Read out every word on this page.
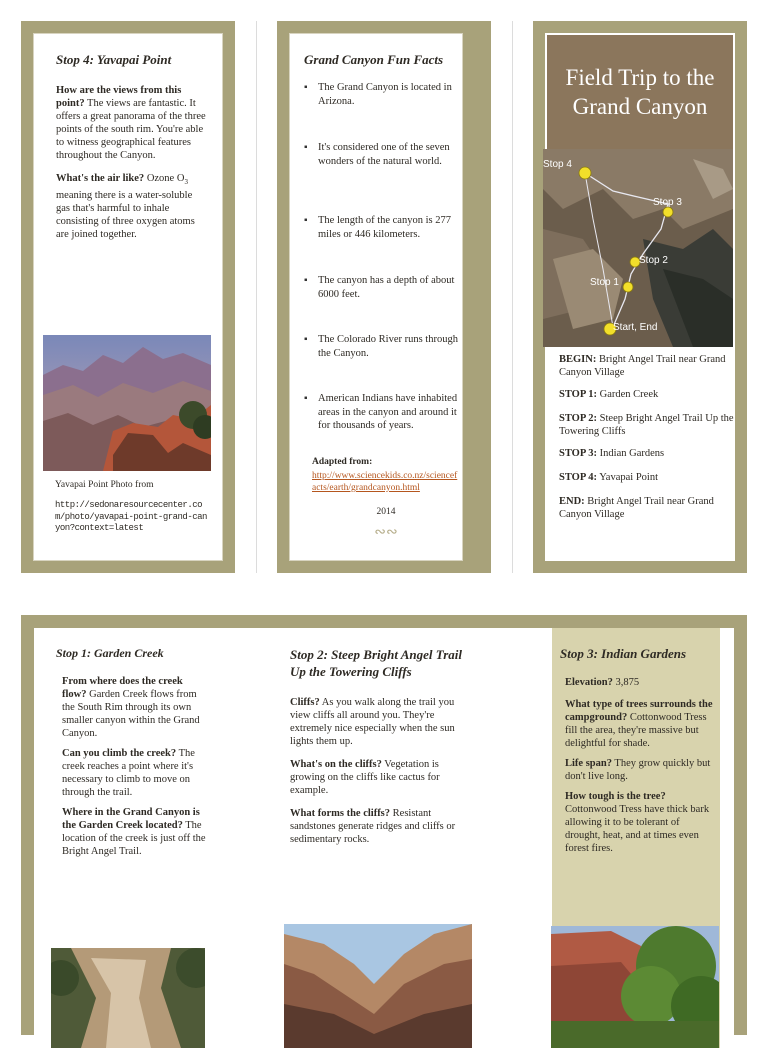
Stop 4: Yavapai Point

How are the views from this point? The views are fantastic. It offers a great panorama of the three points of the south rim. You're able to witness geographical features throughout the Canyon.

What's the air like? Ozone $O_3$ meaning there is a water-soluble gas that's harmful to inhale consisting of three oxygen atoms are joined together.

Yavapai Point Photo from

http://sedonaresourcecenter.com/photo/yavapai-point-grand-canyon?context=latest

Grand Canyon Fun Facts
▪ The Grand Canyon is located in Arizona.
▪ It's considered one of the seven wonders of the natural world.
▪ The length of the canyon is 277 miles or 446 kilometers.
▪ The canyon has a depth of about 6000 feet.
▪ The Colorado River runs through the Canyon.
▪ American Indians have inhabited areas in the canyon and around it for thousands of years.

Adapted from:

http://www.sciencekids.co.nz/sciencefacts/earth/grandcanyon.html

2014

∾∾
Field Trip to the Grand Canyon
Stop 4
Stop 3
Stop 2
Stop 1
Start, End

BEGIN: Bright Angel Trail near Grand Canyon Village

STOP 1: Garden Creek

STOP 2: Steep Bright Angel Trail Up the Towering Cliffs

STOP 3: Indian Gardens

STOP 4: Yavapai Point

END: Bright Angel Trail near Grand Canyon Village

Stop 1: Garden Creek

From where does the creek flow? Garden Creek flows from the South Rim through its own smaller canyon within the Grand Canyon.

Can you climb the creek? The creek reaches a point where it's necessary to climb to move on through the trail.

Where in the Grand Canyon is the Garden Creek located? The location of the creek is just off the Bright Angel Trail.

Stop 2: Steep Bright Angel Trail Up the Towering Cliffs

Cliffs? As you walk along the trail you view cliffs all around you. They're extremely nice especially when the sun lights them up.

What's on the cliffs? Vegetation is growing on the cliffs like cactus for example.

What forms the cliffs? Resistant sandstones generate ridges and cliffs or sedimentary rocks.

Stop 3: Indian Gardens

Elevation? 3,875

What type of trees surrounds the campground? Cottonwood Tress fill the area, they're massive but delightful for shade.

Life span? They grow quickly but don't live long.

How tough is the tree? Cottonwood Tress have thick bark allowing it to be tolerant of drought, heat, and at times even forest fires.
